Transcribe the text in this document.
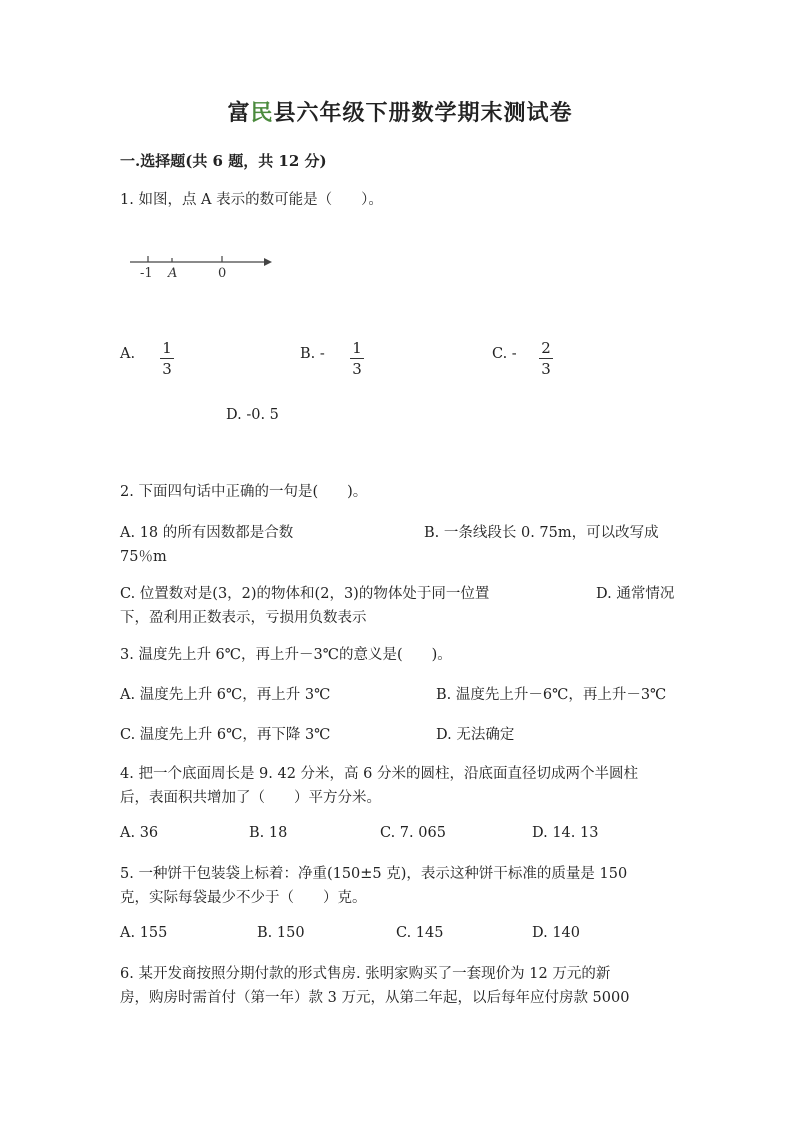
富民县六年级下册数学期末测试卷
一.选择题(共 6 题，共 12 分)
1. 如图，点 A 表示的数可能是（　　）。
-1 A	0
A. 1
3
B. - 1
3
C. - 2
3
D. -0. 5
2. 下面四句话中正确的一句是(　　)。
A. 18 的所有因数都是合数	B. 一条线段长 0. 75m，可以改写成
75％m
C. 位置数对是(3，2)的物体和(2，3)的物体处于同一位置	D. 通常情况
下，盈利用正数表示，亏损用负数表示
3. 温度先上升 6℃，再上升－3℃的意义是(　　)。
A. 温度先上升 6℃，再上升 3℃	B. 温度先上升－6℃，再上升－3℃
C. 温度先上升 6℃，再下降 3℃	D. 无法确定
4. 把一个底面周长是 9. 42 分米，高 6 分米的圆柱，沿底面直径切成两个半圆柱
后，表面积共增加了（　　）平方分米。
A. 36	B. 18	C. 7. 065	D. 14. 13
5. 一种饼干包装袋上标着：净重(150±5 克)，表示这种饼干标准的质量是 150
克，实际每袋最少不少于（　　）克。
A. 155	B. 150	C. 145	D. 140
6. 某开发商按照分期付款的形式售房. 张明家购买了一套现价为 12 万元的新
房，购房时需首付（第一年）款 3 万元，从第二年起，以后每年应付房款 5000
